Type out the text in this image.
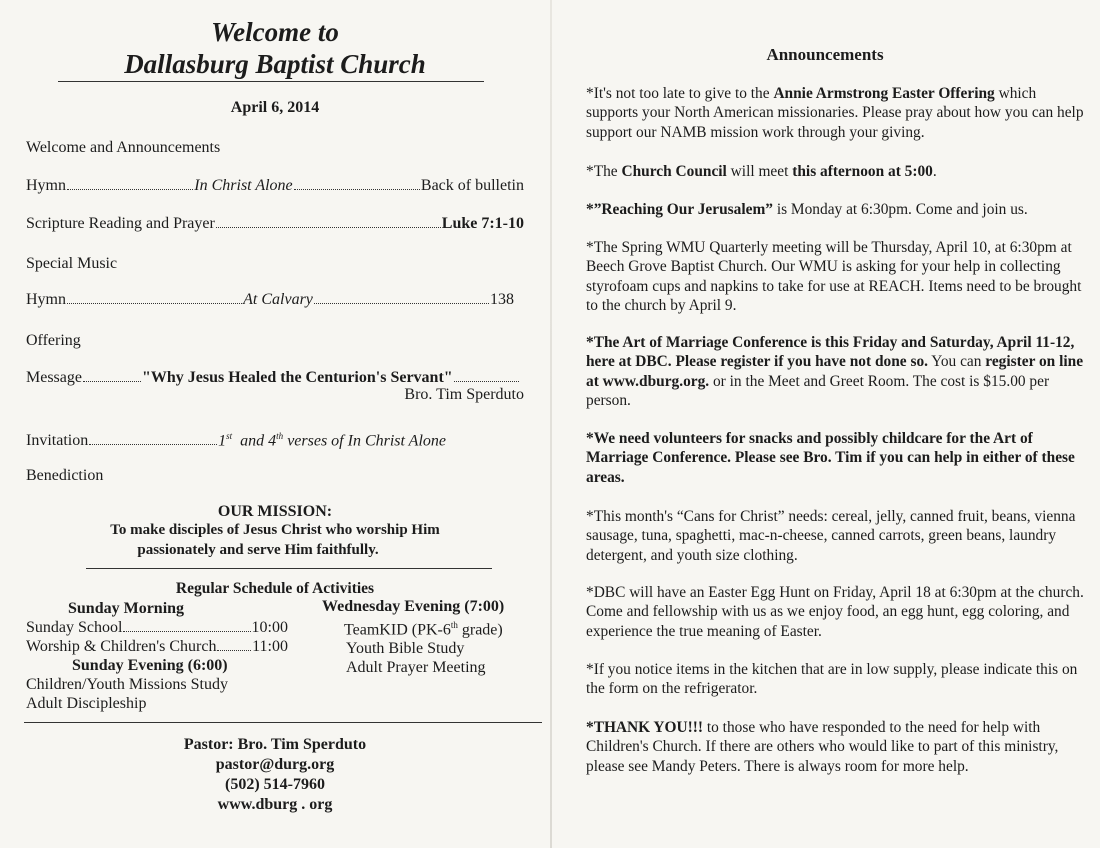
Welcome to
Dallasburg Baptist Church
April 6, 2014
Welcome and Announcements
Hymn	In Christ Alone	Back of bulletin
Scripture Reading and Prayer	Luke 7:1-10
Special Music
Hymn	At Calvary	138
Offering
Message	"Why Jesus Healed the Centurion's Servant"
Bro. Tim Sperduto
Invitation	1st and 4th verses of In Christ Alone
Benediction
OUR MISSION:
To make disciples of Jesus Christ who worship Him
passionately and serve Him faithfully.
Regular Schedule of Activities
Sunday Morning
Sunday School	10:00
Worship & Children's Church 11:00
Sunday Evening (6:00)
Children/Youth Missions Study
Adult Discipleship
Wednesday Evening (7:00)
TeamKID (PK-6th grade)
Youth Bible Study
Adult Prayer Meeting
Pastor: Bro. Tim Sperduto
pastor@durg.org
(502) 514-7960
www.dburg . org
Announcements
*It's not too late to give to the Annie Armstrong Easter Offering which supports your North American missionaries. Please pray about how you can help support our NAMB mission work through your giving.
*The Church Council will meet this afternoon at 5:00.
*”Reaching Our Jerusalem” is Monday at 6:30pm. Come and join us.
*The Spring WMU Quarterly meeting will be Thursday, April 10, at 6:30pm at Beech Grove Baptist Church. Our WMU is asking for your help in collecting styrofoam cups and napkins to take for use at REACH. Items need to be brought to the church by April 9.
*The Art of Marriage Conference is this Friday and Saturday, April 11-12, here at DBC. Please register if you have not done so. You can register on line at www.dburg.org. or in the Meet and Greet Room. The cost is $15.00 per person.
*We need volunteers for snacks and possibly childcare for the Art of Marriage Conference. Please see Bro. Tim if you can help in either of these areas.
*This month's “Cans for Christ” needs: cereal, jelly, canned fruit, beans, vienna sausage, tuna, spaghetti, mac-n-cheese, canned carrots, green beans, laundry detergent, and youth size clothing.
*DBC will have an Easter Egg Hunt on Friday, April 18 at 6:30pm at the church. Come and fellowship with us as we enjoy food, an egg hunt, egg coloring, and experience the true meaning of Easter.
*If you notice items in the kitchen that are in low supply, please indicate this on the form on the refrigerator.
*THANK YOU!!! to those who have responded to the need for help with Children's Church. If there are others who would like to part of this ministry, please see Mandy Peters. There is always room for more help.
